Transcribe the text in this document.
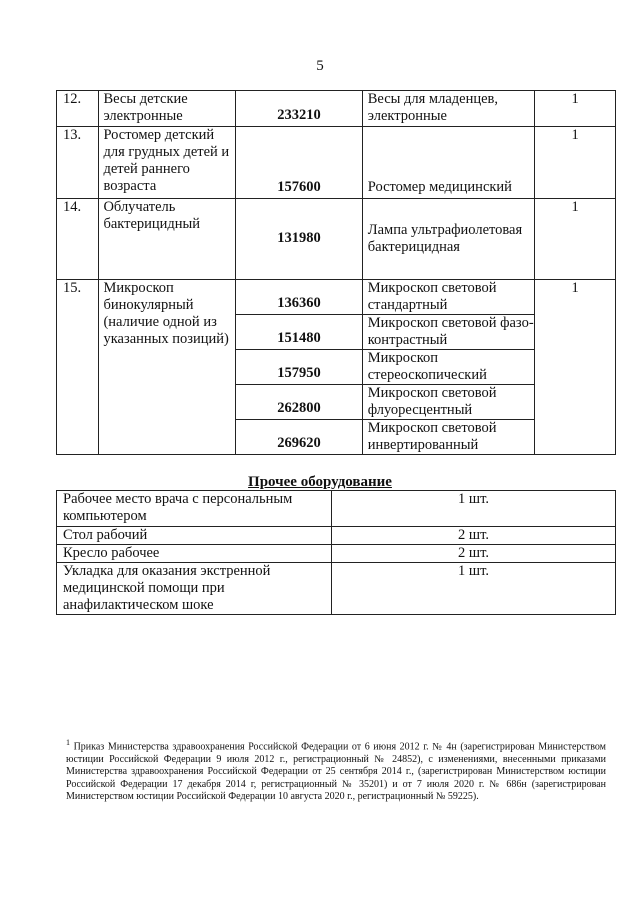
5
12.	Весы детские электронные	233210	Весы для младенцев, электронные	1
13.	Ростомер детский для грудных детей и детей раннего возраста	157600	Ростомер медицинский	1
14.	Облучатель бактерицидный	131980	Лампа ультрафиолетовая бактерицидная	1
15.	Микроскоп бинокулярный (наличие одной из указанных позиций)	136360	Микроскоп световой стандартный	1
		151480	Микроскоп световой фазо-контрастный	
		157950	Микроскоп стереоскопический	
		262800	Микроскоп световой флуоресцентный	
		269620	Микроскоп световой инвертированный	
Прочее оборудование
Рабочее место врача с персональным компьютером	1 шт.
Стол рабочий	2 шт.
Кресло рабочее	2 шт.
Укладка для оказания экстренной медицинской помощи при анафилактическом шоке	1 шт.
$^1$ Приказ Министерства здравоохранения Российской Федерации от 6 июня 2012 г. № 4н (зарегистрирован Министерством юстиции Российской Федерации 9 июля 2012 г., регистрационный № 24852), с изменениями, внесенными приказами Министерства здравоохранения Российской Федерации от 25 сентября 2014 г., (зарегистрирован Министерством юстиции Российской Федерации 17 декабря 2014 г, регистрационный № 35201) и от 7 июля 2020 г. № 686н (зарегистрирован Министерством юстиции Российской Федерации 10 августа 2020 г., регистрационный № 59225).
